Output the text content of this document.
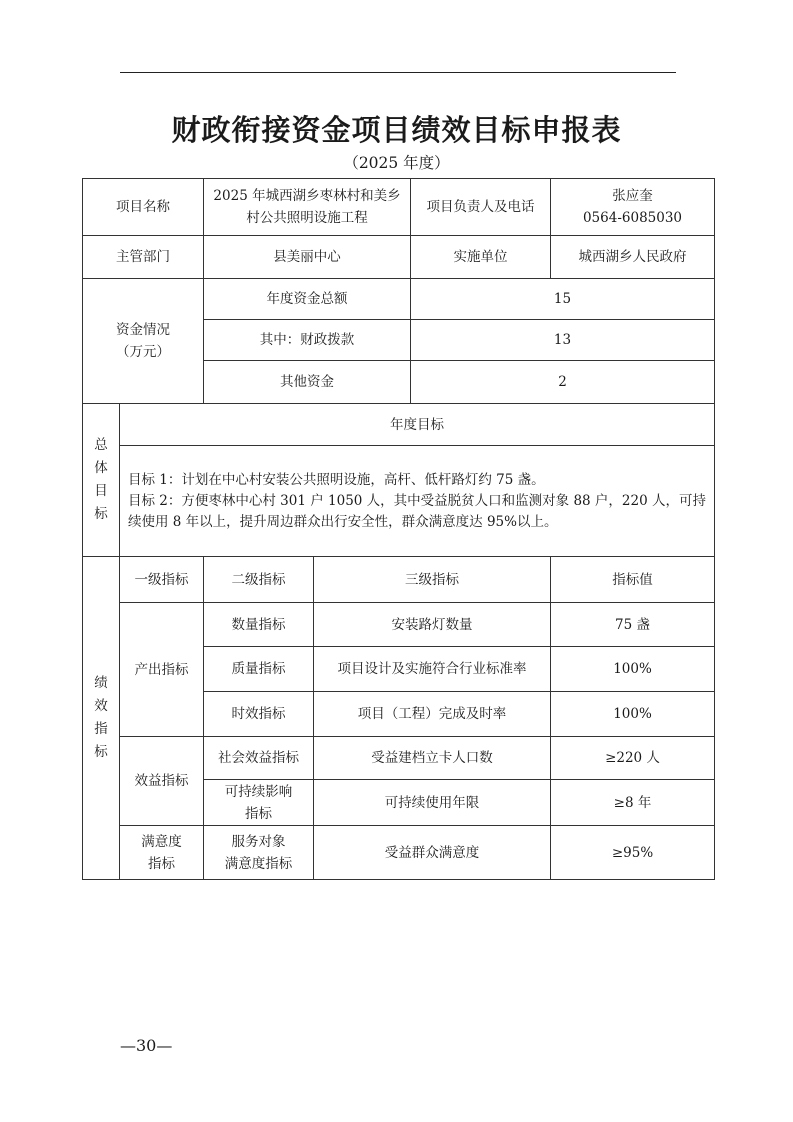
财政衔接资金项目绩效目标申报表
（2025 年度）
项目名称		2025 年城西湖乡枣林村和美乡村公共照明设施工程		项目负责人及电话	张应奎
0564-6085030

主管部门		县美丽中心		实施单位	城西湖乡人民政府

资金情况
（万元）		年度资金总额		15	
		其中：财政拨款		13	
		其他资金		2	

总体目标	年度目标				

	目标 1：计划在中心村安装公共照明设施，高杆、低杆路灯约 75 盏。
目标 2：方便枣林中心村 301 户 1050 人，其中受益脱贫人口和监测对象 88 户，220 人，可持续使用 8 年以上，提升周边群众出行安全性，群众满意度达 95%以上。				

绩效指标	一级指标	二级指标	三级指标		指标值
	产出指标	数量指标	安装路灯数量		75 盏
		质量指标	项目设计及实施符合行业标准率		100%
		时效指标	项目（工程）完成及时率		100%
	效益指标	社会效益指标	受益建档立卡人口数		≥220 人

		可持续影响
指标	可持续使用年限		≥8 年

	满意度
指标	服务对象
满意度指标	受益群众满意度		≥95%
—30—
